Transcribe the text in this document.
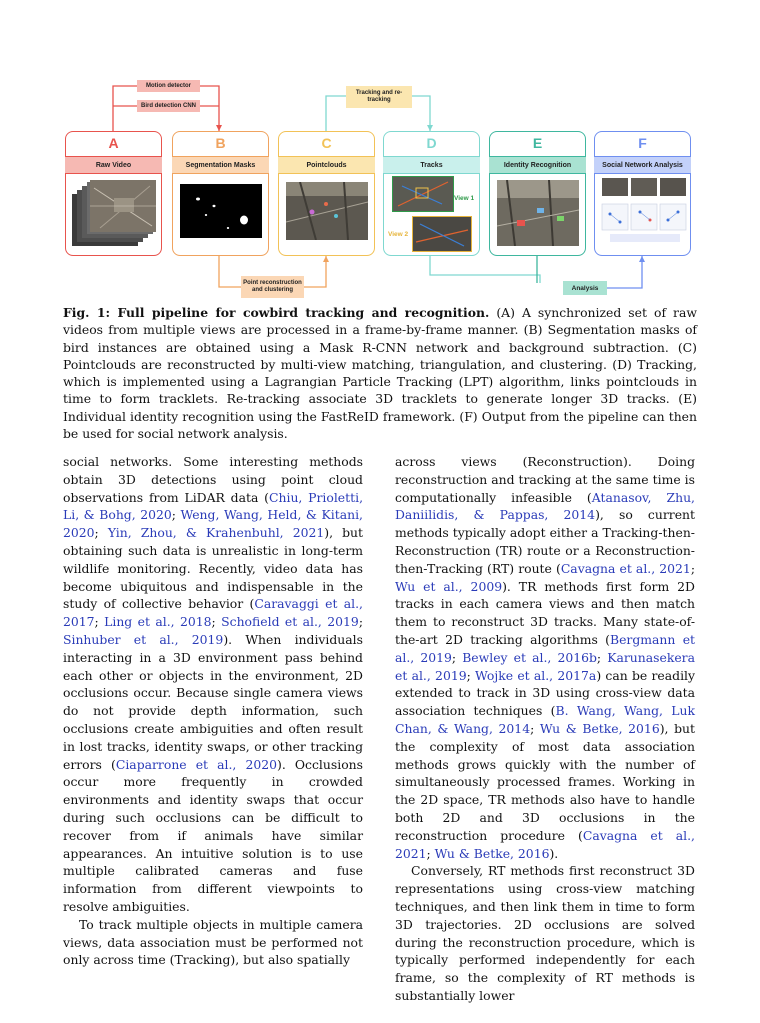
Motion detector
Bird detection CNN
Tracking and re-tracking
Point reconstruction and clustering	Analysis
A
Raw Video
B
Segmentation Masks
C
Pointclouds
D
Tracks
View 1
View 2
E
Identity Recognition
F
Social Network Analysis
Fig. 1: Full pipeline for cowbird tracking and recognition. (A) A synchronized set of raw videos from multiple views are processed in a frame-by-frame manner. (B) Segmentation masks of bird instances are obtained using a Mask R-CNN network and background subtraction. (C) Pointclouds are reconstructed by multi-view matching, triangulation, and clustering. (D) Tracking, which is implemented using a Lagrangian Particle Tracking (LPT) algorithm, links pointclouds in time to form tracklets. Re-tracking associate 3D tracklets to generate longer 3D tracks. (E) Individual identity recognition using the FastReID framework. (F) Output from the pipeline can then be used for social network analysis.

social networks. Some interesting methods obtain 3D detections using point cloud observations from LiDAR data (Chiu, Prioletti, Li, & Bohg, 2020; Weng, Wang, Held, & Kitani, 2020; Yin, Zhou, & Krahenbuhl, 2021), but obtaining such data is unrealistic in long-term wildlife monitoring. Recently, video data has become ubiquitous and indispensable in the study of collective behavior (Caravaggi et al., 2017; Ling et al., 2018; Schofield et al., 2019; Sinhuber et al., 2019). When individuals interacting in a 3D environment pass behind each other or objects in the environment, 2D occlusions occur. Because single camera views do not provide depth information, such occlusions create ambiguities and often result in lost tracks, identity swaps, or other tracking errors (Ciaparrone et al., 2020). Occlusions occur more frequently in crowded environments and identity swaps that occur during such occlusions can be difficult to recover from if animals have similar appearances. An intuitive solution is to use multiple calibrated cameras and fuse information from different viewpoints to resolve ambiguities.

To track multiple objects in multiple camera views, data association must be performed not only across time (Tracking), but also spatially

across views (Reconstruction). Doing reconstruction and tracking at the same time is computationally infeasible (Atanasov, Zhu, Daniilidis, & Pappas, 2014), so current methods typically adopt either a Tracking-then-Reconstruction (TR) route or a Reconstruction-then-Tracking (RT) route (Cavagna et al., 2021; Wu et al., 2009). TR methods first form 2D tracks in each camera views and then match them to reconstruct 3D tracks. Many state-of-the-art 2D tracking algorithms (Bergmann et al., 2019; Bewley et al., 2016b; Karunasekera et al., 2019; Wojke et al., 2017a) can be readily extended to track in 3D using cross-view data association techniques (B. Wang, Wang, Luk Chan, & Wang, 2014; Wu & Betke, 2016), but the complexity of most data association methods grows quickly with the number of simultaneously processed frames. Working in the 2D space, TR methods also have to handle both 2D and 3D occlusions in the reconstruction procedure (Cavagna et al., 2021; Wu & Betke, 2016).

Conversely, RT methods first reconstruct 3D representations using cross-view matching techniques, and then link them in time to form 3D trajectories. 2D occlusions are solved during the reconstruction procedure, which is typically performed independently for each frame, so the complexity of RT methods is substantially lower
